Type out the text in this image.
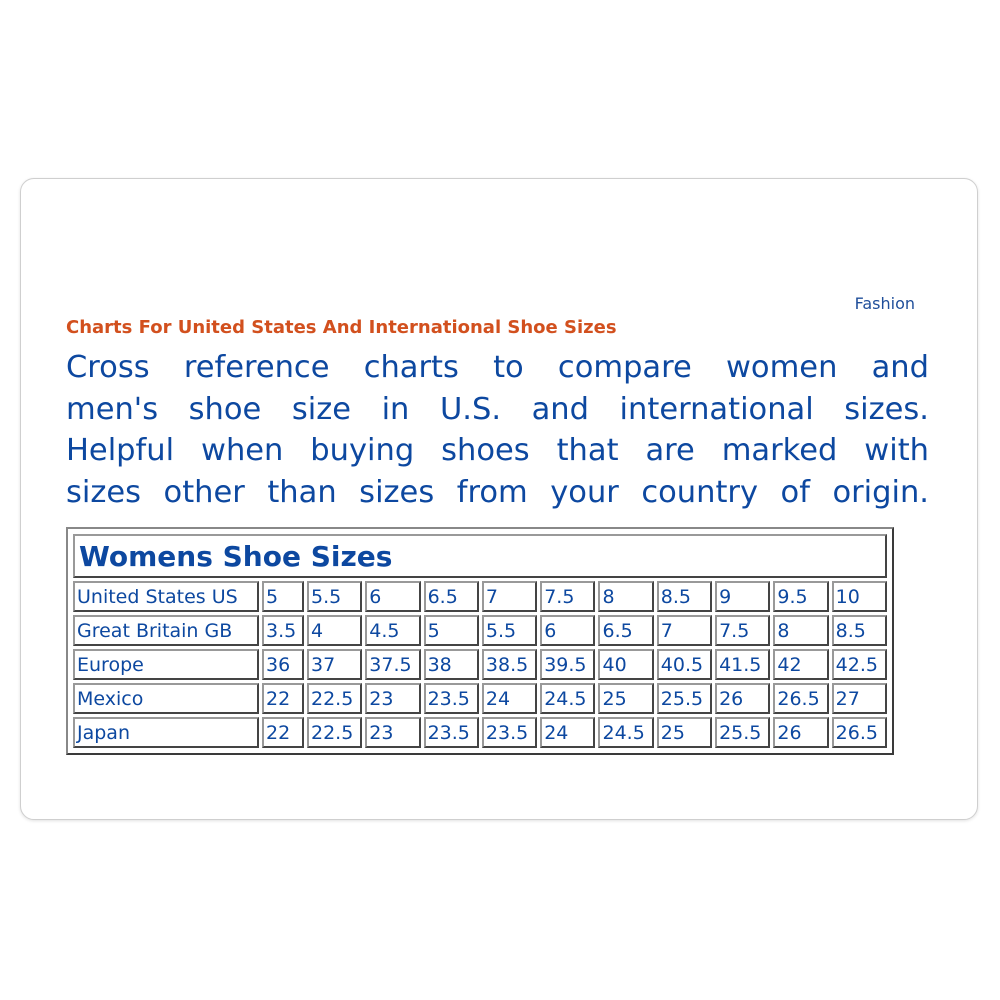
Fashion
Charts For United States And International Shoe Sizes
Cross reference charts to compare women and
men's shoe size in U.S. and international sizes.
Helpful when buying shoes that are marked with
sizes other than sizes from your country of origin.
Womens Shoe Sizes											
United States US	5	5.5	6	6.5	7	7.5	8	8.5	9	9.5	10
Great Britain GB	3.5	4	4.5	5	5.5	6	6.5	7	7.5	8	8.5
Europe	36	37	37.5	38	38.5	39.5	40	40.5	41.5	42	42.5
Mexico	22	22.5	23	23.5	24	24.5	25	25.5	26	26.5	27
Japan	22	22.5	23	23.5	23.5	24	24.5	25	25.5	26	26.5
